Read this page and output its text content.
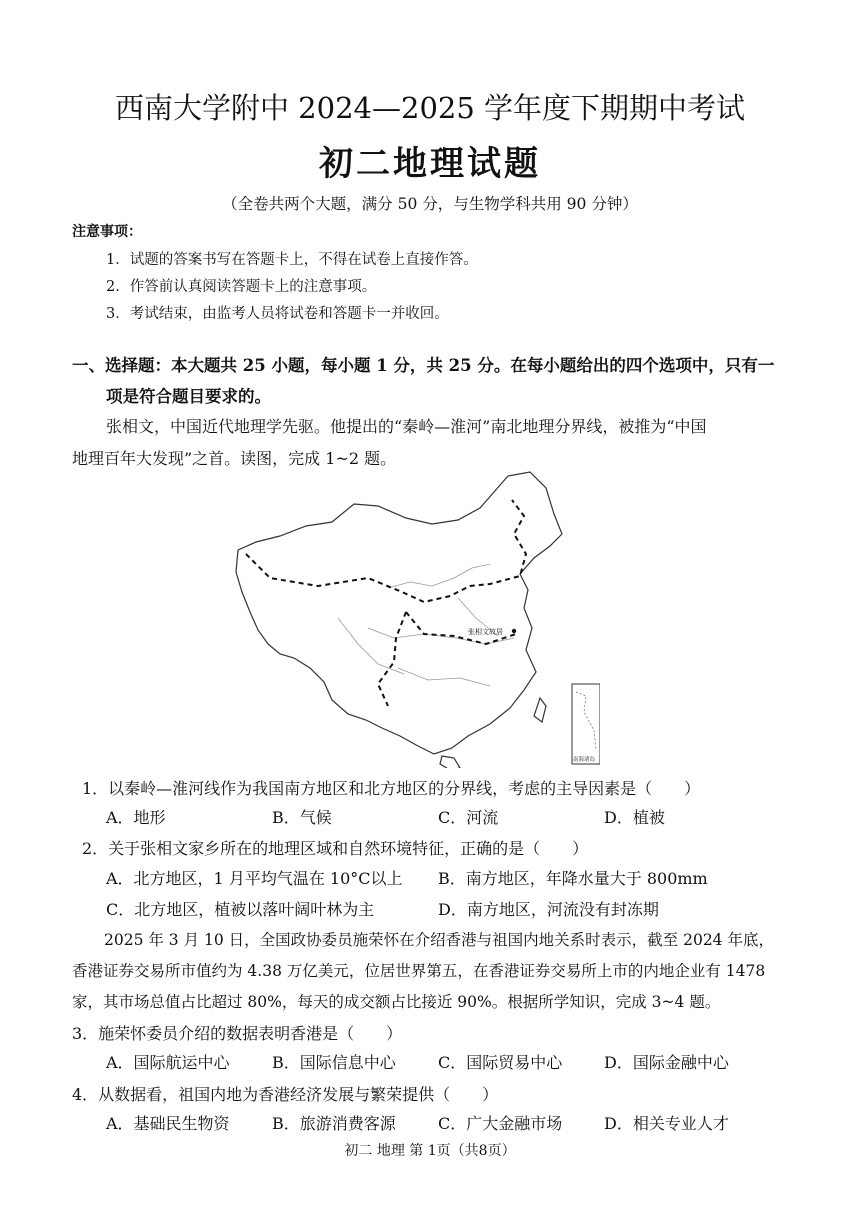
西南大学附中 2024—2025 学年度下期期中考试
初二地理试题
（全卷共两个大题，满分 50 分，与生物学科共用 90 分钟）
注意事项：
1．试题的答案书写在答题卡上，不得在试卷上直接作答。
2．作答前认真阅读答题卡上的注意事项。
3．考试结束，由监考人员将试卷和答题卡一并收回。
一、选择题：本大题共 25 小题，每小题 1 分，共 25 分。在每小题给出的四个选项中，只有一
项是符合题目要求的。
张相文，中国近代地理学先驱。他提出的“秦岭—淮河”南北地理分界线，被推为“中国
地理百年大发现”之首。读图，完成 1~2 题。
张相文故居
南海诸岛
1．以秦岭—淮河线作为我国南方地区和北方地区的分界线，考虑的主导因素是（　　）
A．地形	B．气候	C．河流	D．植被
2．关于张相文家乡所在的地理区域和自然环境特征，正确的是（　　）
A．北方地区，1 月平均气温在 10°C以上 B．南方地区，年降水量大于 800mm
C．北方地区，植被以落叶阔叶林为主	D．南方地区，河流没有封冻期
2025 年 3 月 10 日，全国政协委员施荣怀在介绍香港与祖国内地关系时表示，截至 2024 年底，
香港证券交易所市值约为 4.38 万亿美元，位居世界第五，在香港证券交易所上市的内地企业有 1478
家，其市场总值占比超过 80%，每天的成交额占比接近 90%。根据所学知识，完成 3~4 题。
3．施荣怀委员介绍的数据表明香港是（　　）
A．国际航运中心	B．国际信息中心	C．国际贸易中心	D．国际金融中心
4．从数据看，祖国内地为香港经济发展与繁荣提供（　　）
A．基础民生物资	B．旅游消费客源	C．广大金融市场	D．相关专业人才
初二 地理 第 1页（共8页）
